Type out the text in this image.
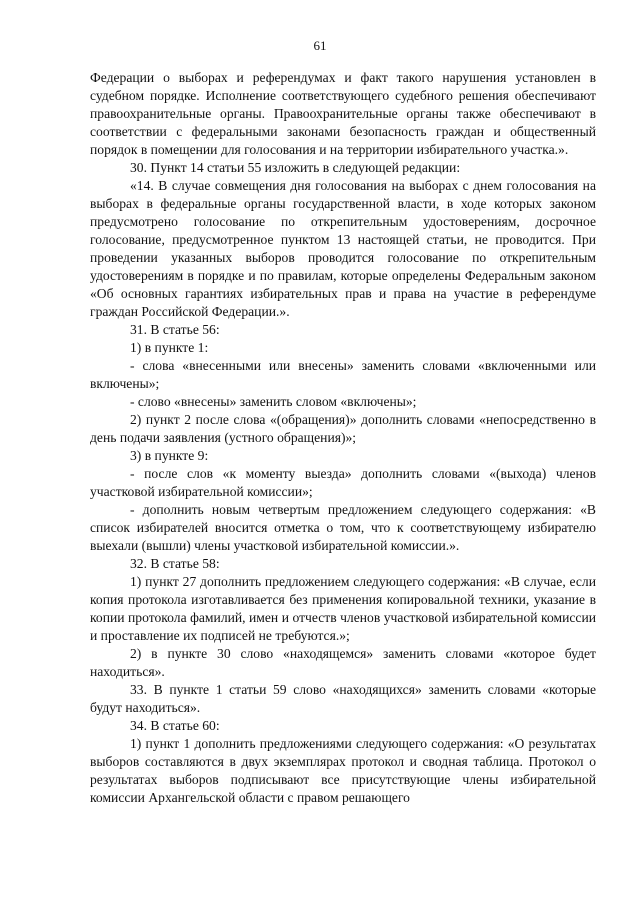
61

Федерации о выборах и референдумах и факт такого нарушения установлен в судебном порядке. Исполнение соответствующего судебного решения обеспечивают правоохранительные органы. Правоохранительные органы также обеспечивают в соответствии с федеральными законами безопасность граждан и общественный порядок в помещении для голосования и на территории избирательного участка.».

30. Пункт 14 статьи 55 изложить в следующей редакции:

«14. В случае совмещения дня голосования на выборах с днем голосования на выборах в федеральные органы государственной власти, в ходе которых законом предусмотрено голосование по открепительным удостоверениям, досрочное голосование, предусмотренное пунктом 13 настоящей статьи, не проводится. При проведении указанных выборов проводится голосование по открепительным удостоверениям в порядке и по правилам, которые определены Федеральным законом «Об основных гарантиях избирательных прав и права на участие в референдуме граждан Российской Федерации.».

31. В статье 56:

1) в пункте 1:

- слова «внесенными или внесены» заменить словами «включенными или включены»;

- слово «внесены» заменить словом «включены»;

2) пункт 2 после слова «(обращения)» дополнить словами «непосредственно в день подачи заявления (устного обращения)»;

3) в пункте 9:

- после слов «к моменту выезда» дополнить словами «(выхода) членов участковой избирательной комиссии»;

- дополнить новым четвертым предложением следующего содержания: «В список избирателей вносится отметка о том, что к соответствующему избирателю выехали (вышли) члены участковой избирательной комиссии.».

32. В статье 58:

1) пункт 27 дополнить предложением следующего содержания: «В случае, если копия протокола изготавливается без применения копировальной техники, указание в копии протокола фамилий, имен и отчеств членов участковой избирательной комиссии и проставление их подписей не требуются.»;

2) в пункте 30 слово «находящемся» заменить словами «которое будет находиться».

33. В пункте 1 статьи 59 слово «находящихся» заменить словами «которые будут находиться».

34. В статье 60:

1) пункт 1 дополнить предложениями следующего содержания: «О результатах выборов составляются в двух экземплярах протокол и сводная таблица. Протокол о результатах выборов подписывают все присутствующие члены избирательной комиссии Архангельской области с правом решающего
